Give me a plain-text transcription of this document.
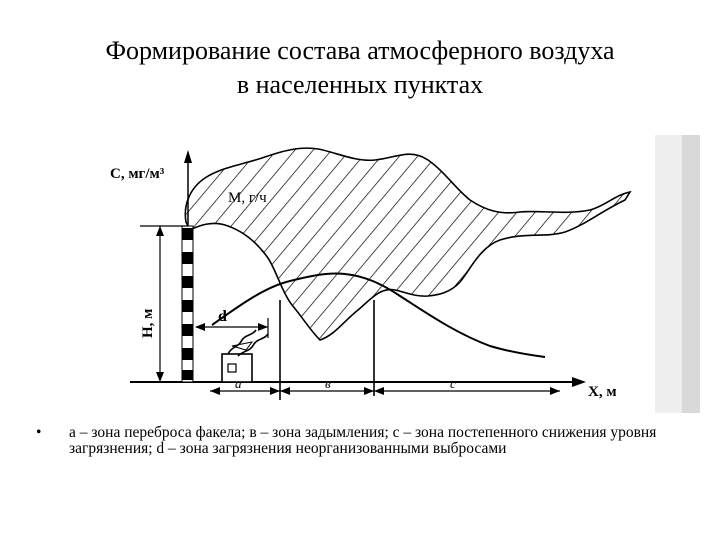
Формирование состава атмосферного воздуха
в населенных пунктах
С, мг/м³
Х, м
М, г/ч
Н, м	d
a	в	c
• a – зона переброса факела; в – зона задымления; c – зона постепенного снижения уровня загрязнения; d – зона загрязнения неорганизованными выбросами
